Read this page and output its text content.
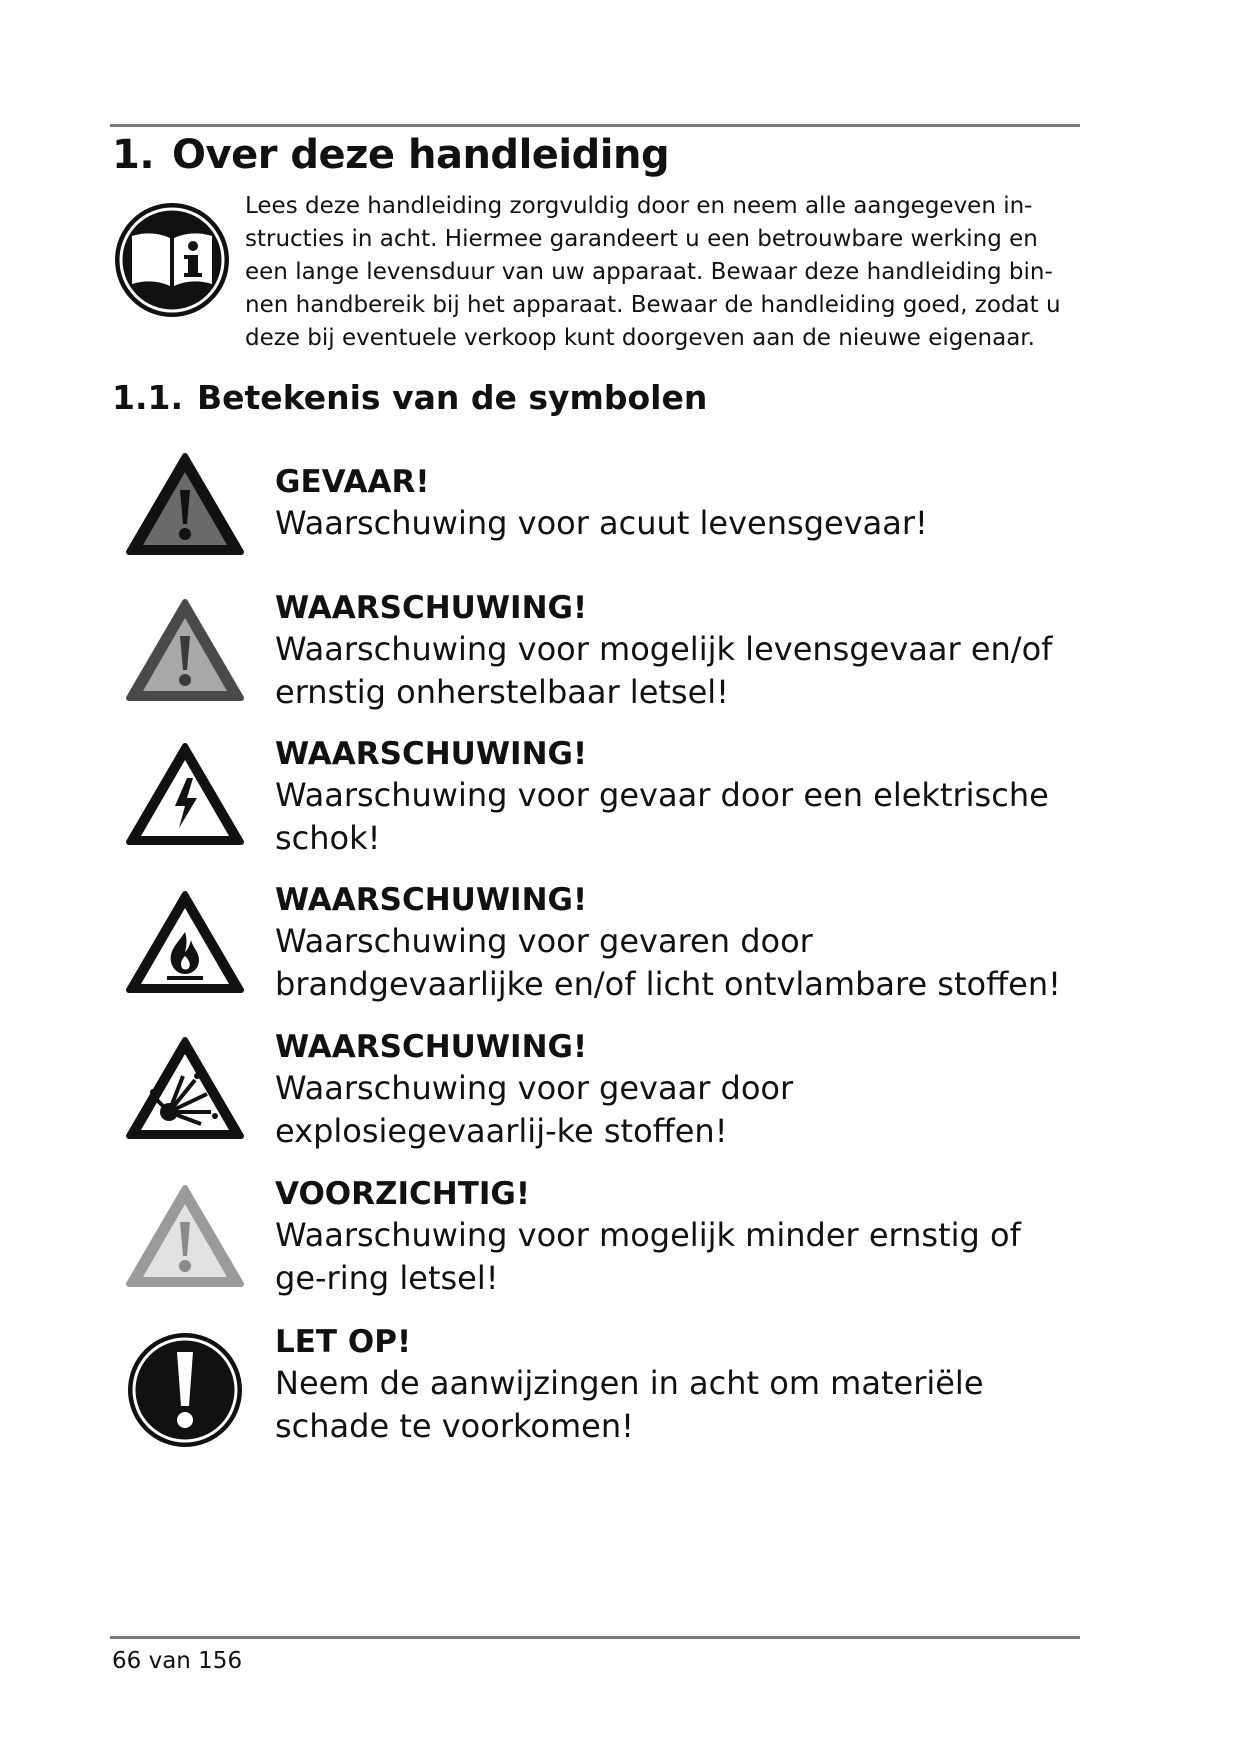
1. Over deze handleiding
Lees deze handleiding zorgvuldig door en neem alle aangegeven in-structies in acht. Hiermee garandeert u een betrouwbare werking en een lange levensduur van uw apparaat. Bewaar deze handleiding bin-nen handbereik bij het apparaat. Bewaar de handleiding goed, zodat u deze bij eventuele verkoop kunt doorgeven aan de nieuwe eigenaar.
1.1. Betekenis van de symbolen
GEVAAR!
Waarschuwing voor acuut levensgevaar!
WAARSCHUWING!
Waarschuwing voor mogelijk levensgevaar en/of ernstig onherstelbaar letsel!
WAARSCHUWING!
Waarschuwing voor gevaar door een elektrische schok!
WAARSCHUWING!
Waarschuwing voor gevaren door brandgevaarlijke en/of licht ontvlambare stoffen!
WAARSCHUWING!
Waarschuwing voor gevaar door explosiegevaarlij-ke stoffen!
VOORZICHTIG!
Waarschuwing voor mogelijk minder ernstig of ge-ring letsel!
LET OP!
Neem de aanwijzingen in acht om materiële schade te voorkomen!
66 van 156
